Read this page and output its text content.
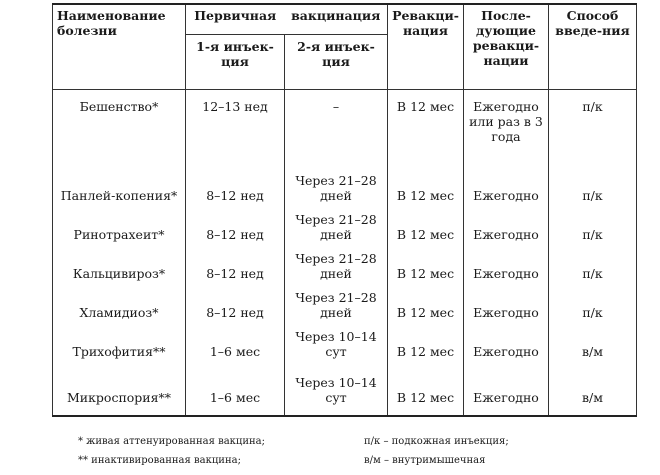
Наименование болезни	Первичная	вакцинация	Ревакци-нация	После-дующие ревакци-нации	Способ введе-ния
	1-я инъек-ция	2-я инъек-ция			
Бешенство*	12–13 нед	–	В 12 мес	Ежегодно или раз в 3 года	п/к
Панлей-копения*	8–12 нед	Через 21–28 дней	В 12 мес	Ежегодно	п/к
Ринотрахеит*	8–12 нед	Через 21–28 дней	В 12 мес	Ежегодно	п/к
Кальцивироз*	8–12 нед	Через 21–28 дней	В 12 мес	Ежегодно	п/к
Хламидиоз*	8–12 нед	Через 21–28 дней	В 12 мес	Ежегодно	п/к
Трихофития**	1–6 мес	Через 10–14 сут	В 12 мес	Ежегодно	в/м
Микроспория**	1–6 мес	Через 10–14 сут	В 12 мес	Ежегодно	в/м
* живая аттенуированная вакцина;
** инактивированная вакцина;
п/к – подкожная инъекция;
в/м – внутримышечная
